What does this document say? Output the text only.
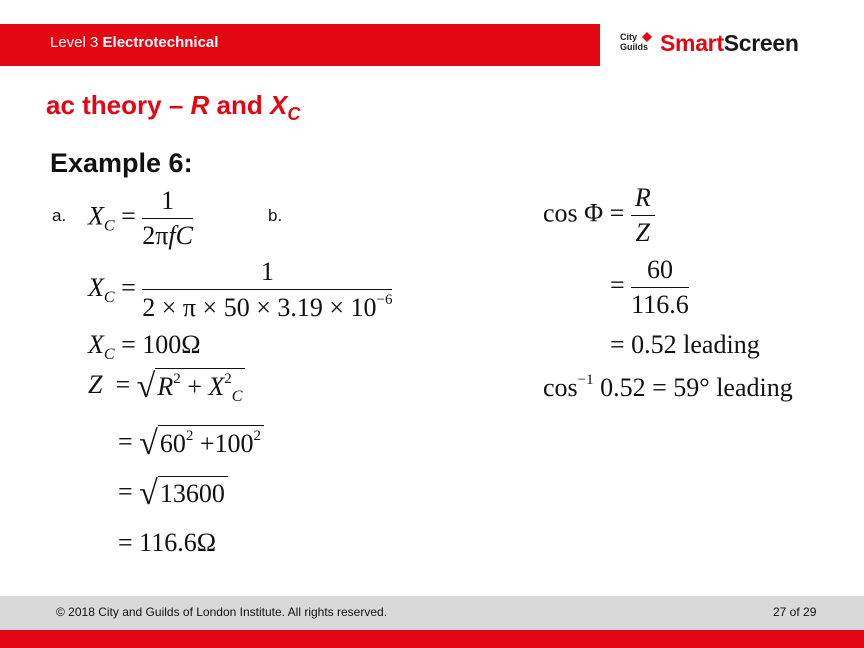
Level 3 Electrotechnical	City
Guilds SmartScreen
ac theory – R and $X_C$
Example 6:
a. $X_C = \frac{1}{\text{2πfC}}$	b.
$X_C = \frac{1}{2 \times \pi \times 50 \times 3.19 \times 10^{-6}}$
$X_C = 100\Omega$
$Z = √R^2 + X^2_C$
= $√60^2 +100^2$
= √13600
= 116.6Ω
$\cos \Phi = \frac{R}{Z}$
= $\frac{60}{116.6}$
= 0.52 leading
$\cos^{-1} 0.52 = 59^\circ$ leading
© 2018 City and Guilds of London Institute. All rights reserved.	27 of 29
